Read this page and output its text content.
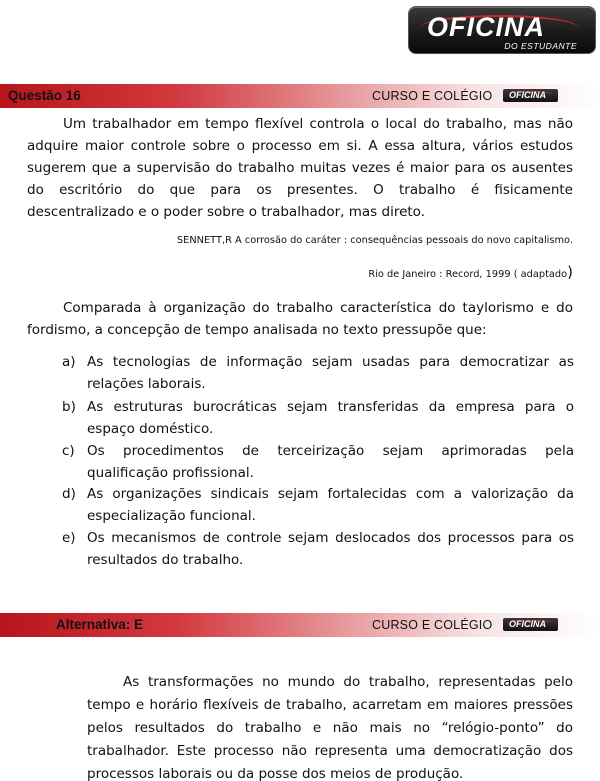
OFICINA
DO ESTUDANTE
Questão 16	CURSO E COLÉGIO OFICINA
Um trabalhador em tempo flexível controla o local do trabalho, mas não adquire maior controle sobre o processo em si. A essa altura, vários estudos sugerem que a supervisão do trabalho muitas vezes é maior para os ausentes do escritório do que para os presentes. O trabalho é fisicamente descentralizado e o poder sobre o trabalhador, mas direto.
SENNETT,R A corrosão do caráter : consequências pessoais do novo capitalismo.
Rio de Janeiro : Record, 1999 ( adaptado)
Comparada à organização do trabalho característica do taylorismo e do fordismo, a concepção de tempo analisada no texto pressupõe que:
a) As tecnologias de informação sejam usadas para democratizar as relações laborais.
b) As estruturas burocráticas sejam transferidas da empresa para o espaço doméstico.
c) Os procedimentos de terceirização sejam aprimoradas pela qualificação profissional.
d) As organizações sindicais sejam fortalecidas com a valorização da especialização funcional.
e) Os mecanismos de controle sejam deslocados dos processos para os resultados do trabalho.
Alternativa: E	CURSO E COLÉGIO OFICINA
As transformações no mundo do trabalho, representadas pelo tempo e horário flexíveis de trabalho, acarretam em maiores pressões pelos resultados do trabalho e não mais no “relógio-ponto” do trabalhador. Este processo não representa uma democratização dos processos laborais ou da posse dos meios de produção.
